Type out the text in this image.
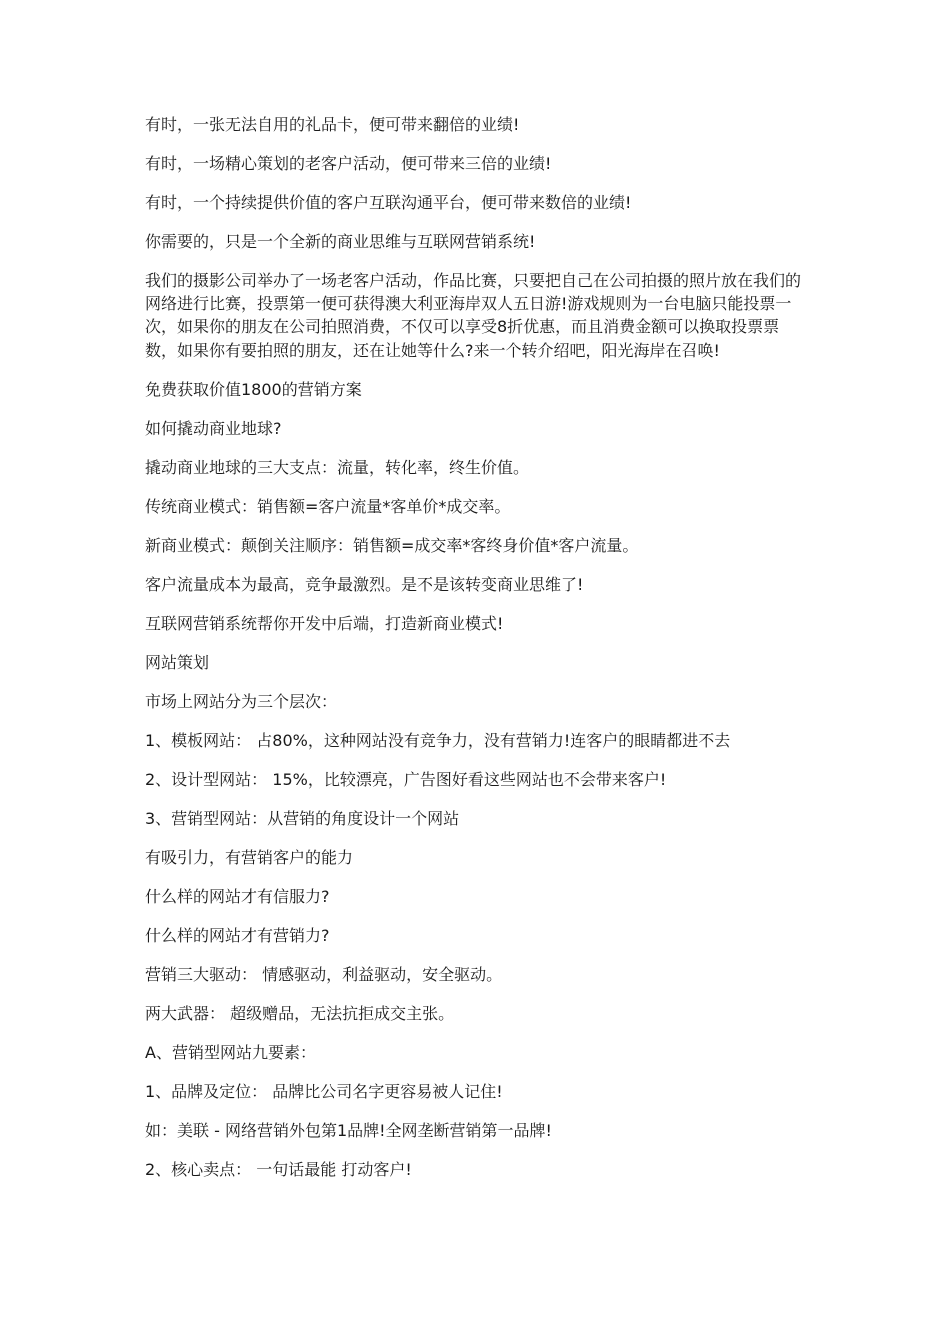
有时，一张无法自用的礼品卡，便可带来翻倍的业绩!

有时，一场精心策划的老客户活动，便可带来三倍的业绩!

有时，一个持续提供价值的客户互联沟通平台，便可带来数倍的业绩!

你需要的，只是一个全新的商业思维与互联网营销系统!

我们的摄影公司举办了一场老客户活动，作品比赛，只要把自己在公司拍摄的照片放在我们的网络进行比赛，投票第一便可获得澳大利亚海岸双人五日游!游戏规则为一台电脑只能投票一次，如果你的朋友在公司拍照消费，不仅可以享受8折优惠，而且消费金额可以换取投票票数，如果你有要拍照的朋友，还在让她等什么?来一个转介绍吧，阳光海岸在召唤!

免费获取价值1800的营销方案

如何撬动商业地球?

撬动商业地球的三大支点：流量，转化率，终生价值。

传统商业模式：销售额=客户流量*客单价*成交率。

新商业模式：颠倒关注顺序：销售额=成交率*客终身价值*客户流量。

客户流量成本为最高，竞争最激烈。是不是该转变商业思维了!

互联网营销系统帮你开发中后端，打造新商业模式!

网站策划

市场上网站分为三个层次：

1、模板网站： 占80%，这种网站没有竞争力，没有营销力!连客户的眼睛都进不去

2、设计型网站： 15%，比较漂亮，广告图好看这些网站也不会带来客户!

3、营销型网站：从营销的角度设计一个网站

有吸引力，有营销客户的能力

什么样的网站才有信服力?

什么样的网站才有营销力?

营销三大驱动： 情感驱动，利益驱动，安全驱动。

两大武器： 超级赠品，无法抗拒成交主张。

A、营销型网站九要素：

1、品牌及定位： 品牌比公司名字更容易被人记住!

如：美联 - 网络营销外包第1品牌!全网垄断营销第一品牌!

2、核心卖点： 一句话最能 打动客户!
